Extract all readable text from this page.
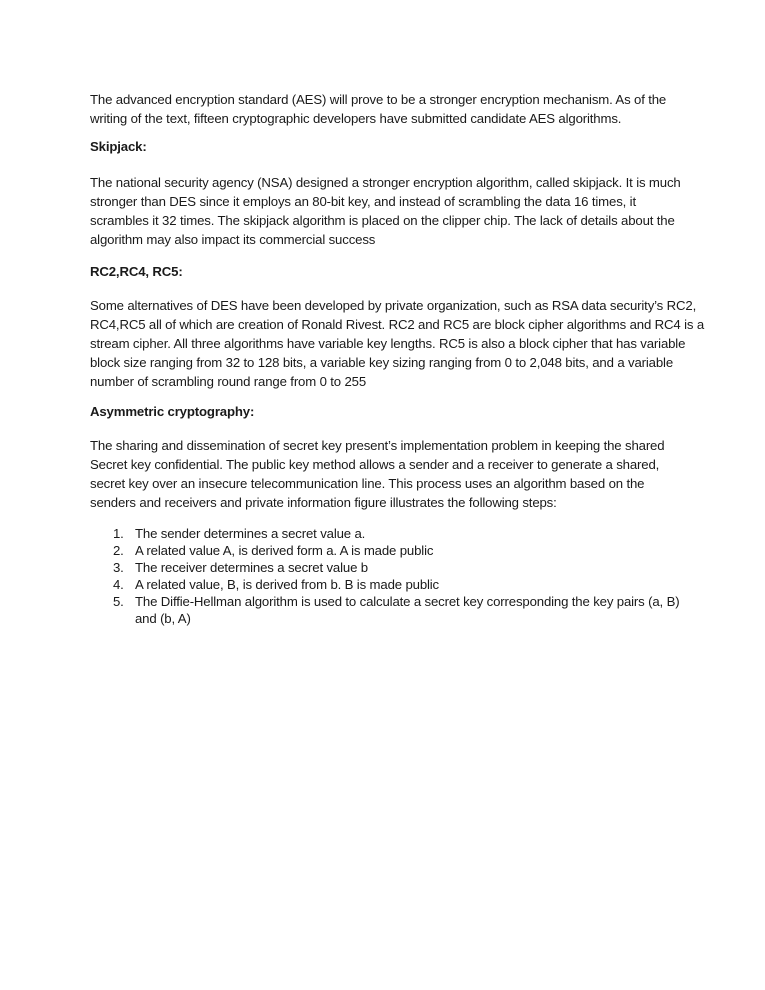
The advanced encryption standard (AES) will prove to be a stronger encryption mechanism. As of the
writing of the text, fifteen cryptographic developers have submitted candidate AES algorithms.
Skipjack:
The national security agency (NSA) designed a stronger encryption algorithm, called skipjack. It is much
stronger than DES since it employs an 80-bit key, and instead of scrambling the data 16 times, it
scrambles it 32 times. The skipjack algorithm is placed on the clipper chip. The lack of details about the
algorithm may also impact its commercial success
RC2,RC4, RC5:
Some alternatives of DES have been developed by private organization, such as RSA data security’s RC2,
RC4,RC5 all of which are creation of Ronald Rivest. RC2 and RC5 are block cipher algorithms and RC4 is a
stream cipher. All three algorithms have variable key lengths. RC5 is also a block cipher that has variable
block size ranging from 32 to 128 bits, a variable key sizing ranging from 0 to 2,048 bits, and a variable
number of scrambling round range from 0 to 255
Asymmetric cryptography:
The sharing and dissemination of secret key present’s implementation problem in keeping the shared
Secret key confidential. The public key method allows a sender and a receiver to generate a shared,
secret key over an insecure telecommunication line. This process uses an algorithm based on the
senders and receivers and private information figure illustrates the following steps:
1. The sender determines a secret value a.
2. A related value A, is derived form a. A is made public
3. The receiver determines a secret value b
4. A related value, B, is derived from b. B is made public
5. The Diffie-Hellman algorithm is used to calculate a secret key corresponding the key pairs (a, B)
and (b, A)
